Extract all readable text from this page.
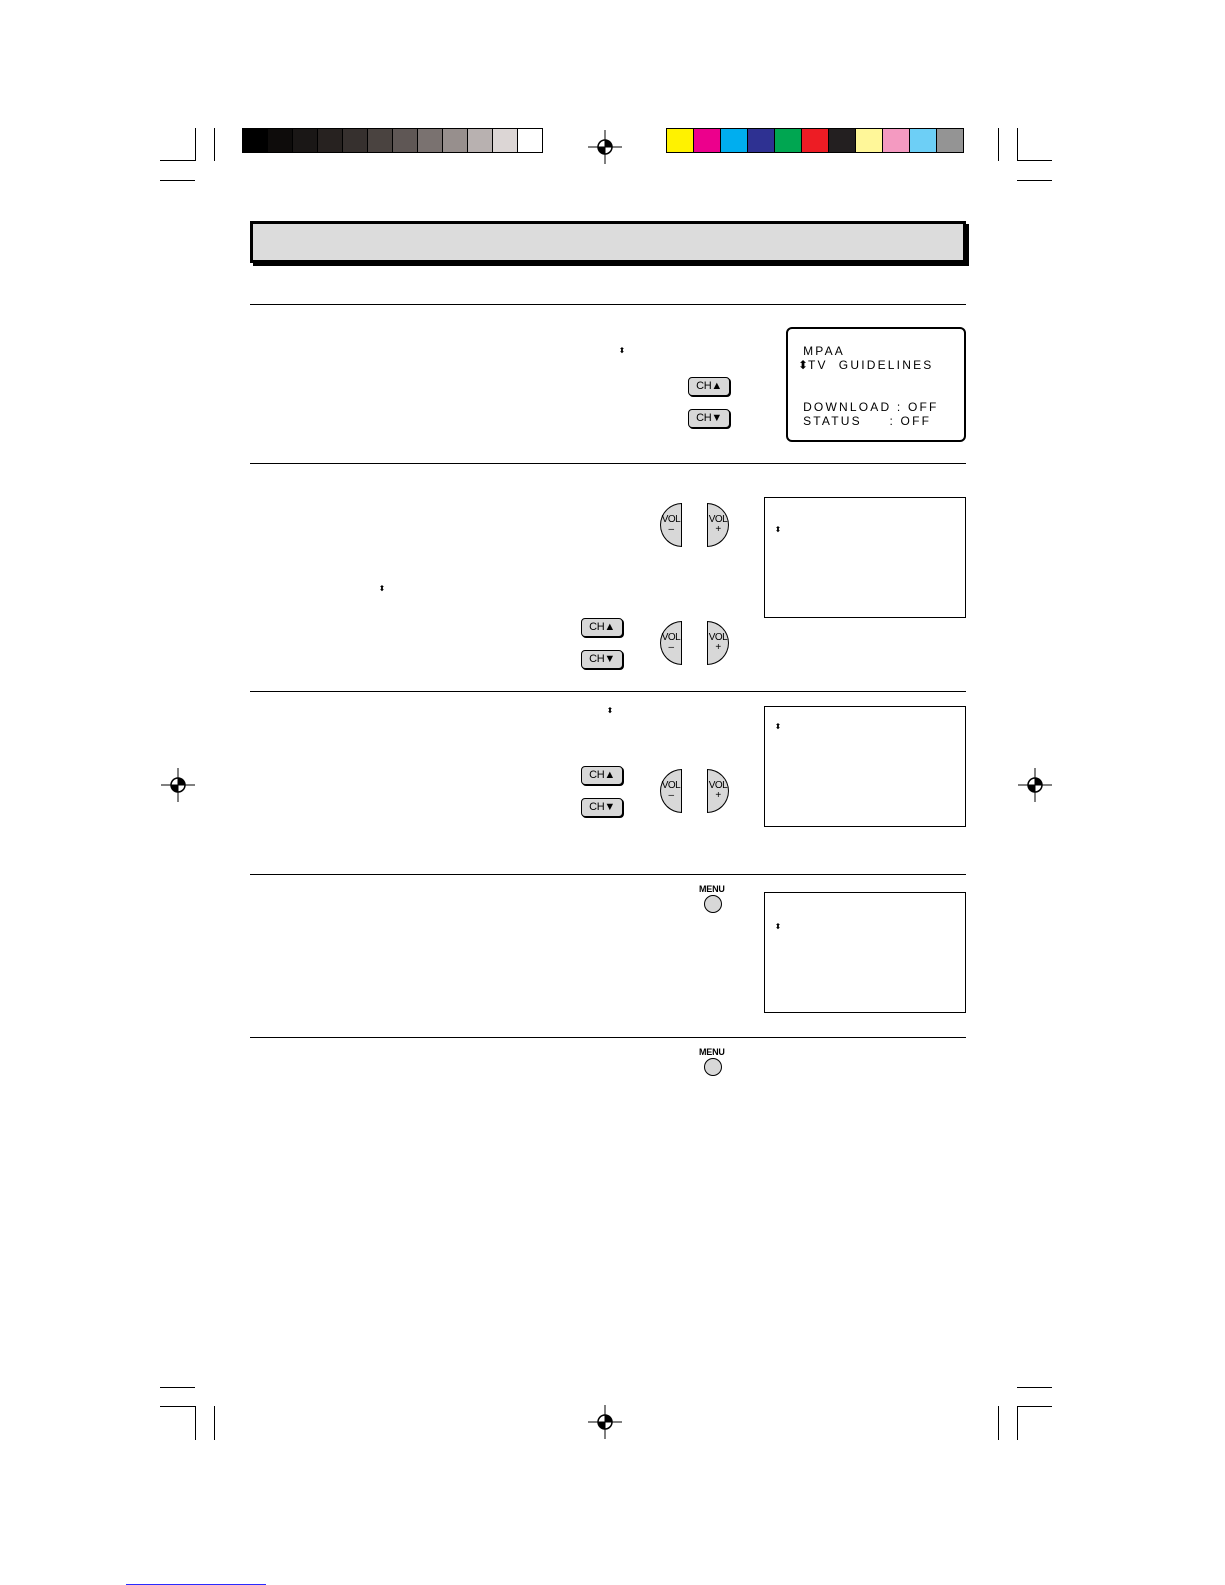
⬍
CH▲
CH▼
MPAA
⬍ TV  GUIDELINES
DOWNLOAD : OFF
STATUS     : OFF
VOL
–
VOL
+
⬍
CH▲
CH▼
VOL
–
VOL
+
⬍
⬍
CH▲
CH▼
VOL
–
VOL
+
⬍
MENU
⬍
MENU
